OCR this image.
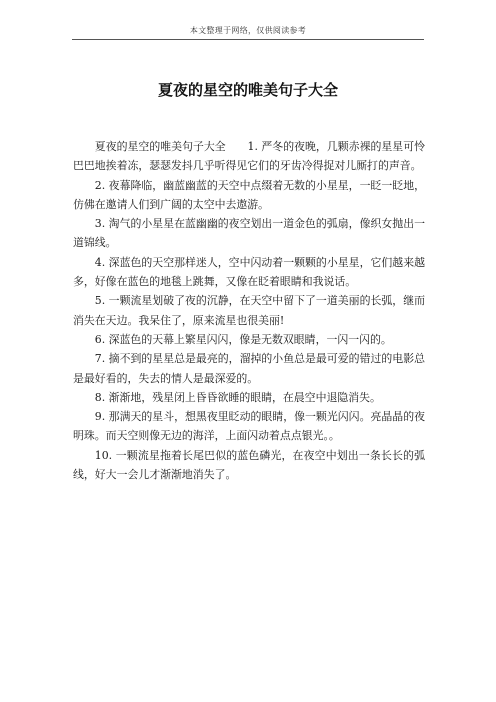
本文整理于网络，仅供阅读参考
夏夜的星空的唯美句子大全

夏夜的星空的唯美句子大全　　1. 严冬的夜晚，几颗赤裸的星星可怜巴巴地挨着冻，瑟瑟发抖几乎听得见它们的牙齿冷得捉对儿厮打的声音。

2. 夜幕降临，幽蓝幽蓝的天空中点缀着无数的小星星，一眨一眨地，仿佛在邀请人们到广阔的太空中去遨游。

3. 淘气的小星星在蓝幽幽的夜空划出一道金色的弧扇，像织女抛出一道锦线。

4. 深蓝色的天空那样迷人，空中闪动着一颗颗的小星星，它们越来越多，好像在蓝色的地毯上跳舞，又像在眨着眼睛和我说话。

5. 一颗流星划破了夜的沉静，在天空中留下了一道美丽的长弧，继而消失在天边。我呆住了，原来流星也很美丽!

6. 深蓝色的天幕上繁星闪闪，像是无数双眼睛，一闪一闪的。

7. 摘不到的星星总是最亮的，溜掉的小鱼总是最可爱的错过的电影总是最好看的，失去的情人是最深爱的。

8. 渐渐地，残星闭上昏昏欲睡的眼睛，在晨空中退隐消失。

9. 那满天的星斗，想黑夜里眨动的眼睛，像一颗光闪闪。亮晶晶的夜明珠。而天空则像无边的海洋，上面闪动着点点银光。。

10. 一颗流星拖着长尾巴似的蓝色磷光，在夜空中划出一条长长的弧线，好大一会儿才渐渐地消失了。
